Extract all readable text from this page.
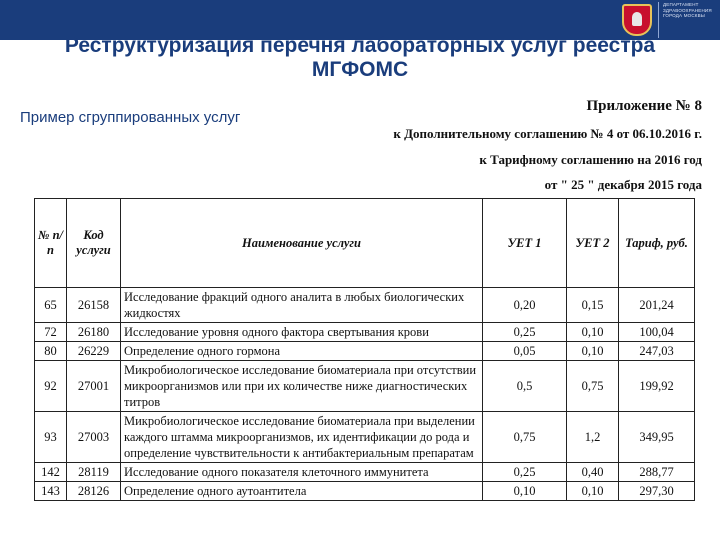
ДЕПАРТАМЕНТ ЗДРАВООХРАНЕНИЯ ГОРОДА МОСКВЫ
Реструктуризация перечня лабораторных услуг реестра МГФОМС
Пример сгруппированных услуг
Приложение № 8
к Дополнительному соглашению № 4 от 06.10.2016 г.
к Тарифному соглашению на 2016 год
от " 25 " декабря 2015 года
№ п/п	Код услуги	Наименование услуги	УЕТ 1	УЕТ 2	Тариф, руб.
65	26158	Исследование фракций одного аналита в любых биологических жидкостях	0,20	0,15	201,24
72	26180	Исследование уровня одного фактора свертывания крови	0,25	0,10	100,04
80	26229	Определение одного гормона	0,05	0,10	247,03
92	27001	Микробиологическое исследование биоматериала при отсутствии микроорганизмов или при их количестве ниже диагностических титров	0,5	0,75	199,92
93	27003	Микробиологическое исследование биоматериала при выделении каждого штамма микроорганизмов, их идентификации до рода и определение чувствительности к антибактериальным препаратам	0,75	1,2	349,95
142	28119	Исследование одного показателя клеточного иммунитета	0,25	0,40	288,77
143	28126	Определение одного аутоантитела	0,10	0,10	297,30
